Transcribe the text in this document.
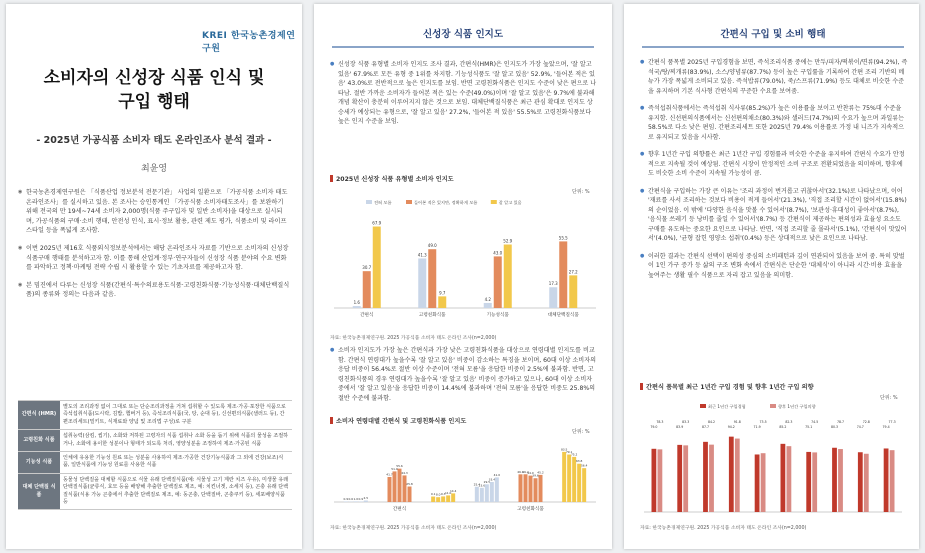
KREI 한국농촌경제연구원
소비자의 신성장 식품 인식 및
구입 행태
- 2025년 가공식품 소비자 태도 온라인조사 분석 결과 -
최윤영
◉ 한국농촌경제연구원은 「식품산업 정보분석 전문기관」 사업의 일환으로 「가공식품 소비자 태도 온라인조사」를 실시하고 있음. 본 조사는 승인통계인 「가공식품 소비자태도조사」를 보완하기 위해 전국의 만 19세~74세 소비자 2,000명(식품 주구입자 및 일반 소비자)을 대상으로 실시되며, 가공식품의 구매·소비 행태, 안전성 인식, 표시·정보 활용, 관련 제도 평가, 식품소비 및 라이프 스타일 등을 폭넓게 조사함.
◉ 이번 2025년 제16호 식품외식정보분석에서는 해당 온라인조사 자료를 기반으로 소비자의 신성장 식품구매 행태를 분석하고자 함. 이를 통해 산업계·정부·연구자들이 신성장 식품 분야의 수요 변화를 파악하고 정책·마케팅 전략 수립 시 활용할 수 있는 기초자료를 제공하고자 함.
◉ 본 밈진에서 다루는 신성장 식품(간편식·특수의료용도식품·고령친화식품·기능성식품·대체단백질식품)의 종류와 정의는 다음과 같음.
간편식 (HMR)	별도의 조리과정 없이 그대로 또는 단순조리과정을 거쳐 섭취할 수 있도록 제조·가공·포장한 식품으로 즉석섭취식품(도시락, 김밥, 햄버거 등), 즉석조리식품(국, 탕, 순대 등), 신선편의식품(샐러드 등), 간편조리세트(밀키트, 식재료와 양념 및 조리법 구성)로 구분
고령친화 식품	섭취능력(삼킴, 씹기), 소화와 저하된 고령자의 식품 섭취나 소화 등을 돕기 위해 식품의 물성을 조절하거나, 소화에 용이한 성분이나 형태가 되도록 처리, 영양성분을 조정하여 제조·가공된 식품
기능성 식품	인체에 유용한 기능성 원료 또는 성분을 사용하여 제조·가공한 건강기능식품과 그 외에 건강(보조)식품, 일반식품에 기능성 원료를 사용한 식품
대체 단백질 식품	동물성 단백질을 대체할 식품으로 식물 유래 단백질식품(예: 식물성 고기 계란 치즈 우유), 미생물 유래 단백질식품(균류식, 효모 등을 배양해 추출한 단백질로 제조, 예: 치킨너겟, 소세지 등), 곤충 유래 단백질식품(식용 가능 곤충에서 추출한 단백질로 제조, 예: 동곤충, 단백질바, 곤충쿠키 등), 세포배양식품 등
신성장 식품 인지도
● 신성장 식품 유형별 소비자 인지도 조사 결과, 간편식(HMR)은 인지도가 가장 높았으며, '잘 알고 있음' 67.9%로 모든 유형 중 1위를 차지함. 기능성식품도 '잘 알고 있음' 52.9%, '들어본 적은 있음' 43.0%로 전반적으로 높은 인지도를 보임. 반면 고령친화식품은 인지도 수준이 낮은 편으로 나타남. 절반 가까운 소비자가 들어본 적은 있는 수준(49.0%)이며 '잘 알고 있음'은 9.7%에 불과해 개념 확산이 충분히 이루어지지 않은 것으로 보임. 대체단백질식품은 최근 관심 확대로 인지도 상승세가 예상되는 유형으로, '잘 알고 있음' 27.2%, '들어본 적 있음' 55.5%로 고령친화식품보다 높은 인지 수준을 보임.
2025년 신성장 식품 유형별 소비자 인지도
단위: %
전혀 모름	들어본 적은 있지만, 정확하게 모름	잘 알고 있음
1.6
30.7
67.9
간편식
41.3
49.0
9.7
고령친화식품
4.2
43.0
52.9
기능성식품
17.3
55.5
27.2
대체단백질식품
자료: 한국농촌경제연구원. 2025 가공식품 소비자 태도 온라인 조사(n=2,000)
● 소비자 인지도가 가장 높은 간편식과 가장 낮은 고령친화식품을 대상으로 연령대별 인지도를 비교함. 간편식 연령대가 높을수록 '잘 알고 있음' 비중이 감소하는 특징을 보이며, 60대 이상 소비자의 응답 비중이 56.4%로 절반 이상 수준이며 '전혀 모름'을 응답한 비중이 2.5%에 불과함. 반면, 고령친화식품의 경우 연령대가 높을수록 '잘 알고 있음' 비중이 증가하고 있으나, 60대 이상 소비자 중에서 '잘 알고 있음'을 응답한 비중이 14.4%에 불과하며 '전혀 모름'을 응답한 비중도 25.8%의 절반 수준에 불과함.
소비자 연령대별 간편식 및 고령친화식품 인지도
단위: %
0.9 0.6 1.0 0.9 2.5
41.7
51.0
55.6
44.3
25.8
9.1 8.0 9.3 11.0
14.4
간편식
25.4
23.6
29.5
33.4
41.0
46.1
46.2
44.0
39.6
45.2
83.5
79.1
75.2
63.8
56.4
고령친화식품
자료: 한국농촌경제연구원. 2025 가공식품 소비자 태도 온라인 조사(n=2,000)
간편식 구입 및 소비 행태
● 간편식 품목별 2025년 구입경험을 보면, 즉석조리식품 중에는 만두/피자/떡볶이/면류(94.2%), 즉석국/탕/찌개류(83.9%), 소스/양념류(87.7%) 등이 높은 구입률을 기록하여 간편 조리 기반의 메뉴가 가장 폭넓게 소비되고 있음. 즉석밥류(79.0%), 죽/스프류(71.9%) 등도 대체로 비슷한 수준을 유지하며 기본 식사형 간편식의 꾸준한 수요를 보여줌.
● 즉석섭취식품에서는 즉석섭취 식사류(85.2%)가 높은 이용률을 보이고 반찬류는 75%대 수준을 유지함. 신선편의식품에서는 신선편의채소(80.3%)와 샐러드(74.7%)의 수요가 높으며 과일류는 58.5%로 다소 낮은 편임. 간편조리세트 또한 2025년 79.4% 이용률로 가정 내 니즈가 지속적으로 유지되고 있음을 시사함.
● 향후 1년간 구입 의향률은 최근 1년간 구입 경험률과 비슷한 수준을 유지하여 간편식 수요가 안정적으로 지속될 것이 예상됨. 간편식 시장이 안정적인 소비 구조로 전환되었음을 의미하며, 향후에도 비슷한 소비 수준이 지속될 가능성이 큼.
● 간편식을 구입하는 가장 큰 이유는 '조리 과정이 번거롭고 귀찮아서'(32.1%)로 나타났으며, 이어 '재료를 사서 조리하는 것보다 비용이 적게 들어서'(21.3%), '직접 조리할 시간이 없어서'(15.8%)의 순이었음. 이 밖에 '다양한 음식을 맛볼 수 있어서'(8.7%), '보관성·휴대성이 좋아서'(8.7%), '음식물 쓰레기 등 낭비를 줄일 수 있어서'(8.7%) 등 간편식이 제공하는 편의성과 효율성 요소도 구매를 유도하는 중요한 요인으로 나타남. 반면, '직접 조리할 줄 몰라서'(5.1%), '간편식이 맛있어서'(4.0%), '균형 잡힌 영양소 섭취'(0.4%) 등은 상대적으로 낮은 요인으로 나타남.
● 이러한 결과는 간편식 선택이 편의성 중심의 소비패턴과 깊이 연관되어 있음을 보여 줌. 특히 맞벌이 1인 가구 증가 등 삶의 구조 변화 속에서 간편식은 단순한 '대체식'이 아니라 시간·비용 효율을 높여주는 생활 필수 식품으로 자리 잡고 있음을 의미함.
간편식 품목별 최근 1년간 구입 경험 및 향후 1년간 구입 의향
단위: %
최근 1년간 구입경험	향후 1년간 구입의향
79.0
78.3
83.9
83.3
87.7
84.2
94.2
91.8
71.9
73.5
85.2
82.3
75.1
74.5
80.3
78.7
74.7
72.8
79.4
77.3
자료: 한국농촌경제연구원. 2025 가공식품 소비자 태도 온라인 조사(n=2,000)
